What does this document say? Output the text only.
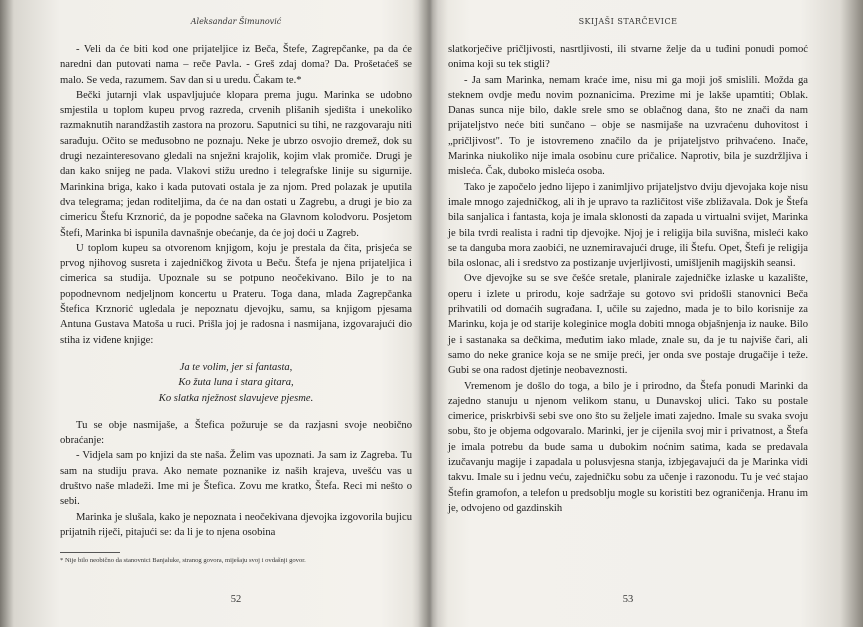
Aleksandar Šimunović

- Veli da će biti kod one prijateljice iz Beča, Štefe, Zagrepčanke, pa da će naredni dan putovati nama – reče Pavla. - Greš zdaj doma? Da. Prošetaćeš se malo. Se veda, razumem. Sav dan si u uredu. Čakam te.*

Bečki jutarnji vlak uspavljujuće klopara prema jugu. Marinka se udobno smjestila u toplom kupeu prvog razreda, crvenih plišanih sjedišta i unekoliko razmaknutih narandžastih zastora na prozoru. Saputnici su tihi, ne razgovaraju niti sarađuju. Očito se međusobno ne poznaju. Neke je ubrzo osvojio dremež, dok su drugi nezainteresovano gledali na snježni krajolik, kojim vlak promiče. Drugi je dan kako snijeg ne pada. Vlakovi stižu uredno i telegrafske linije su sigurnije. Marinkina briga, kako i kada putovati ostala je za njom. Pred polazak je uputila dva telegrama; jedan roditeljima, da će na dan ostati u Zagrebu, a drugi je bio za cimericu Štefu Krznorić, da je popodne sačeka na Glavnom kolodvoru. Posjetom Štefi, Marinka bi ispunila davnašnje obećanje, da će joj doći u Zagreb.

U toplom kupeu sa otvorenom knjigom, koju je prestala da čita, prisjeća se prvog njihovog susreta i zajedničkog života u Beču. Štefa je njena prijateljica i cimerica sa studija. Upoznale su se potpuno neočekivano. Bilo je to na popodnevnom nedjeljnom koncertu u Prateru. Toga dana, mlada Zagrepčanka Štefica Krznorić ugledala je nepoznatu djevojku, samu, sa knjigom pjesama Antuna Gustava Matoša u ruci. Prišla joj je radosna i nasmijana, izgovarajući dio stiha iz viđene knjige:

Ja te volim, jer si fantasta,
Ko žuta luna i stara gitara,
Ko slatka nježnost slavujeve pjesme.

Tu se obje nasmijaše, a Štefica požuruje se da razjasni svoje neobično obraćanje:

- Vidjela sam po knjizi da ste naša. Želim vas upoznati. Ja sam iz Zagreba. Tu sam na studiju prava. Ako nemate poznanike iz naših krajeva, uvešću vas u društvo naše mladeži. Ime mi je Štefica. Zovu me kratko, Štefa. Reci mi nešto o sebi.

Marinka je slušala, kako je nepoznata i neočekivana djevojka izgovorila bujicu prijatnih riječi, pitajući se: da li je to njena osobina

* Nije bilo neobično da stanovnici Banjaluke, stranog govora, miješaju svoj i ovdašnji govor.
52
SKIJAŠI STARČEVICE

slatkorječive pričljivosti, nasrtljivosti, ili stvarne želje da u tuđini ponudi pomoć onima koji su tek stigli?

- Ja sam Marinka, nemam kraće ime, nisu mi ga moji još smislili. Možda ga steknem ovdje među novim poznanicima. Prezime mi je lakše upamtiti; Oblak. Danas sunca nije bilo, dakle srele smo se oblačnog dana, što ne znači da nam prijateljstvo neće biti sunčano – obje se nasmijaše na uzvraćenu duhovitost i „pričljivost". To je istovremeno značilo da je prijateljstvo prihvaćeno. Inače, Marinka niukoliko nije imala osobinu cure pričalice. Naprotiv, bila je suzdržljiva i misleća. Čak, duboko misleća osoba.

Tako je započelo jedno lijepo i zanimljivo prijateljstvo dviju djevojaka koje nisu imale mnogo zajedničkog, ali ih je upravo ta različitost više zbližavala. Dok je Štefa bila sanjalica i fantasta, koja je imala sklonosti da zapada u virtualni svijet, Marinka je bila tvrdi realista i radni tip djevojke. Njoj je i religija bila suvišna, misleći kako se ta danguba mora zaobići, ne uznemiravajući druge, ili Štefu. Opet, Štefi je religija bila oslonac, ali i sredstvo za postizanje uvjerljivosti, umišljenih magijskih seansi.

Ove djevojke su se sve češće sretale, planirale zajedničke izlaske u kazalište, operu i izlete u prirodu, koje sadržaje su gotovo svi pridošli stanovnici Beča prihvatili od domaćih sugrađana. I, učile su zajedno, mada je to bilo korisnije za Marinku, koja je od starije koleginice mogla dobiti mnoga objašnjenja iz nauke. Bilo je i sastanaka sa dečkima, međutim iako mlade, znale su, da je tu najviše čari, ali samo do neke granice koja se ne smije preći, jer onda sve postaje drugačije i teže. Gubi se ona radost djetinje neobaveznosti.

Vremenom je došlo do toga, a bilo je i prirodno, da Štefa ponudi Marinki da zajedno stanuju u njenom velikom stanu, u Dunavskoj ulici. Tako su postale cimerice, priskrbivši sebi sve ono što su željele imati zajedno. Imale su svaka svoju sobu, što je objema odgovaralo. Marinki, jer je cijenila svoj mir i privatnost, a Štefa je imala potrebu da bude sama u dubokim noćnim satima, kada se predavala izučavanju magije i zapadala u polusvjesna stanja, izbjegavajući da je Marinka vidi takvu. Imale su i jednu veću, zajedničku sobu za učenje i razonodu. Tu je već stajao Štefin gramofon, a telefon u predsoblju mogle su koristiti bez ograničenja. Hranu im je, odvojeno od gazdinskih

53
